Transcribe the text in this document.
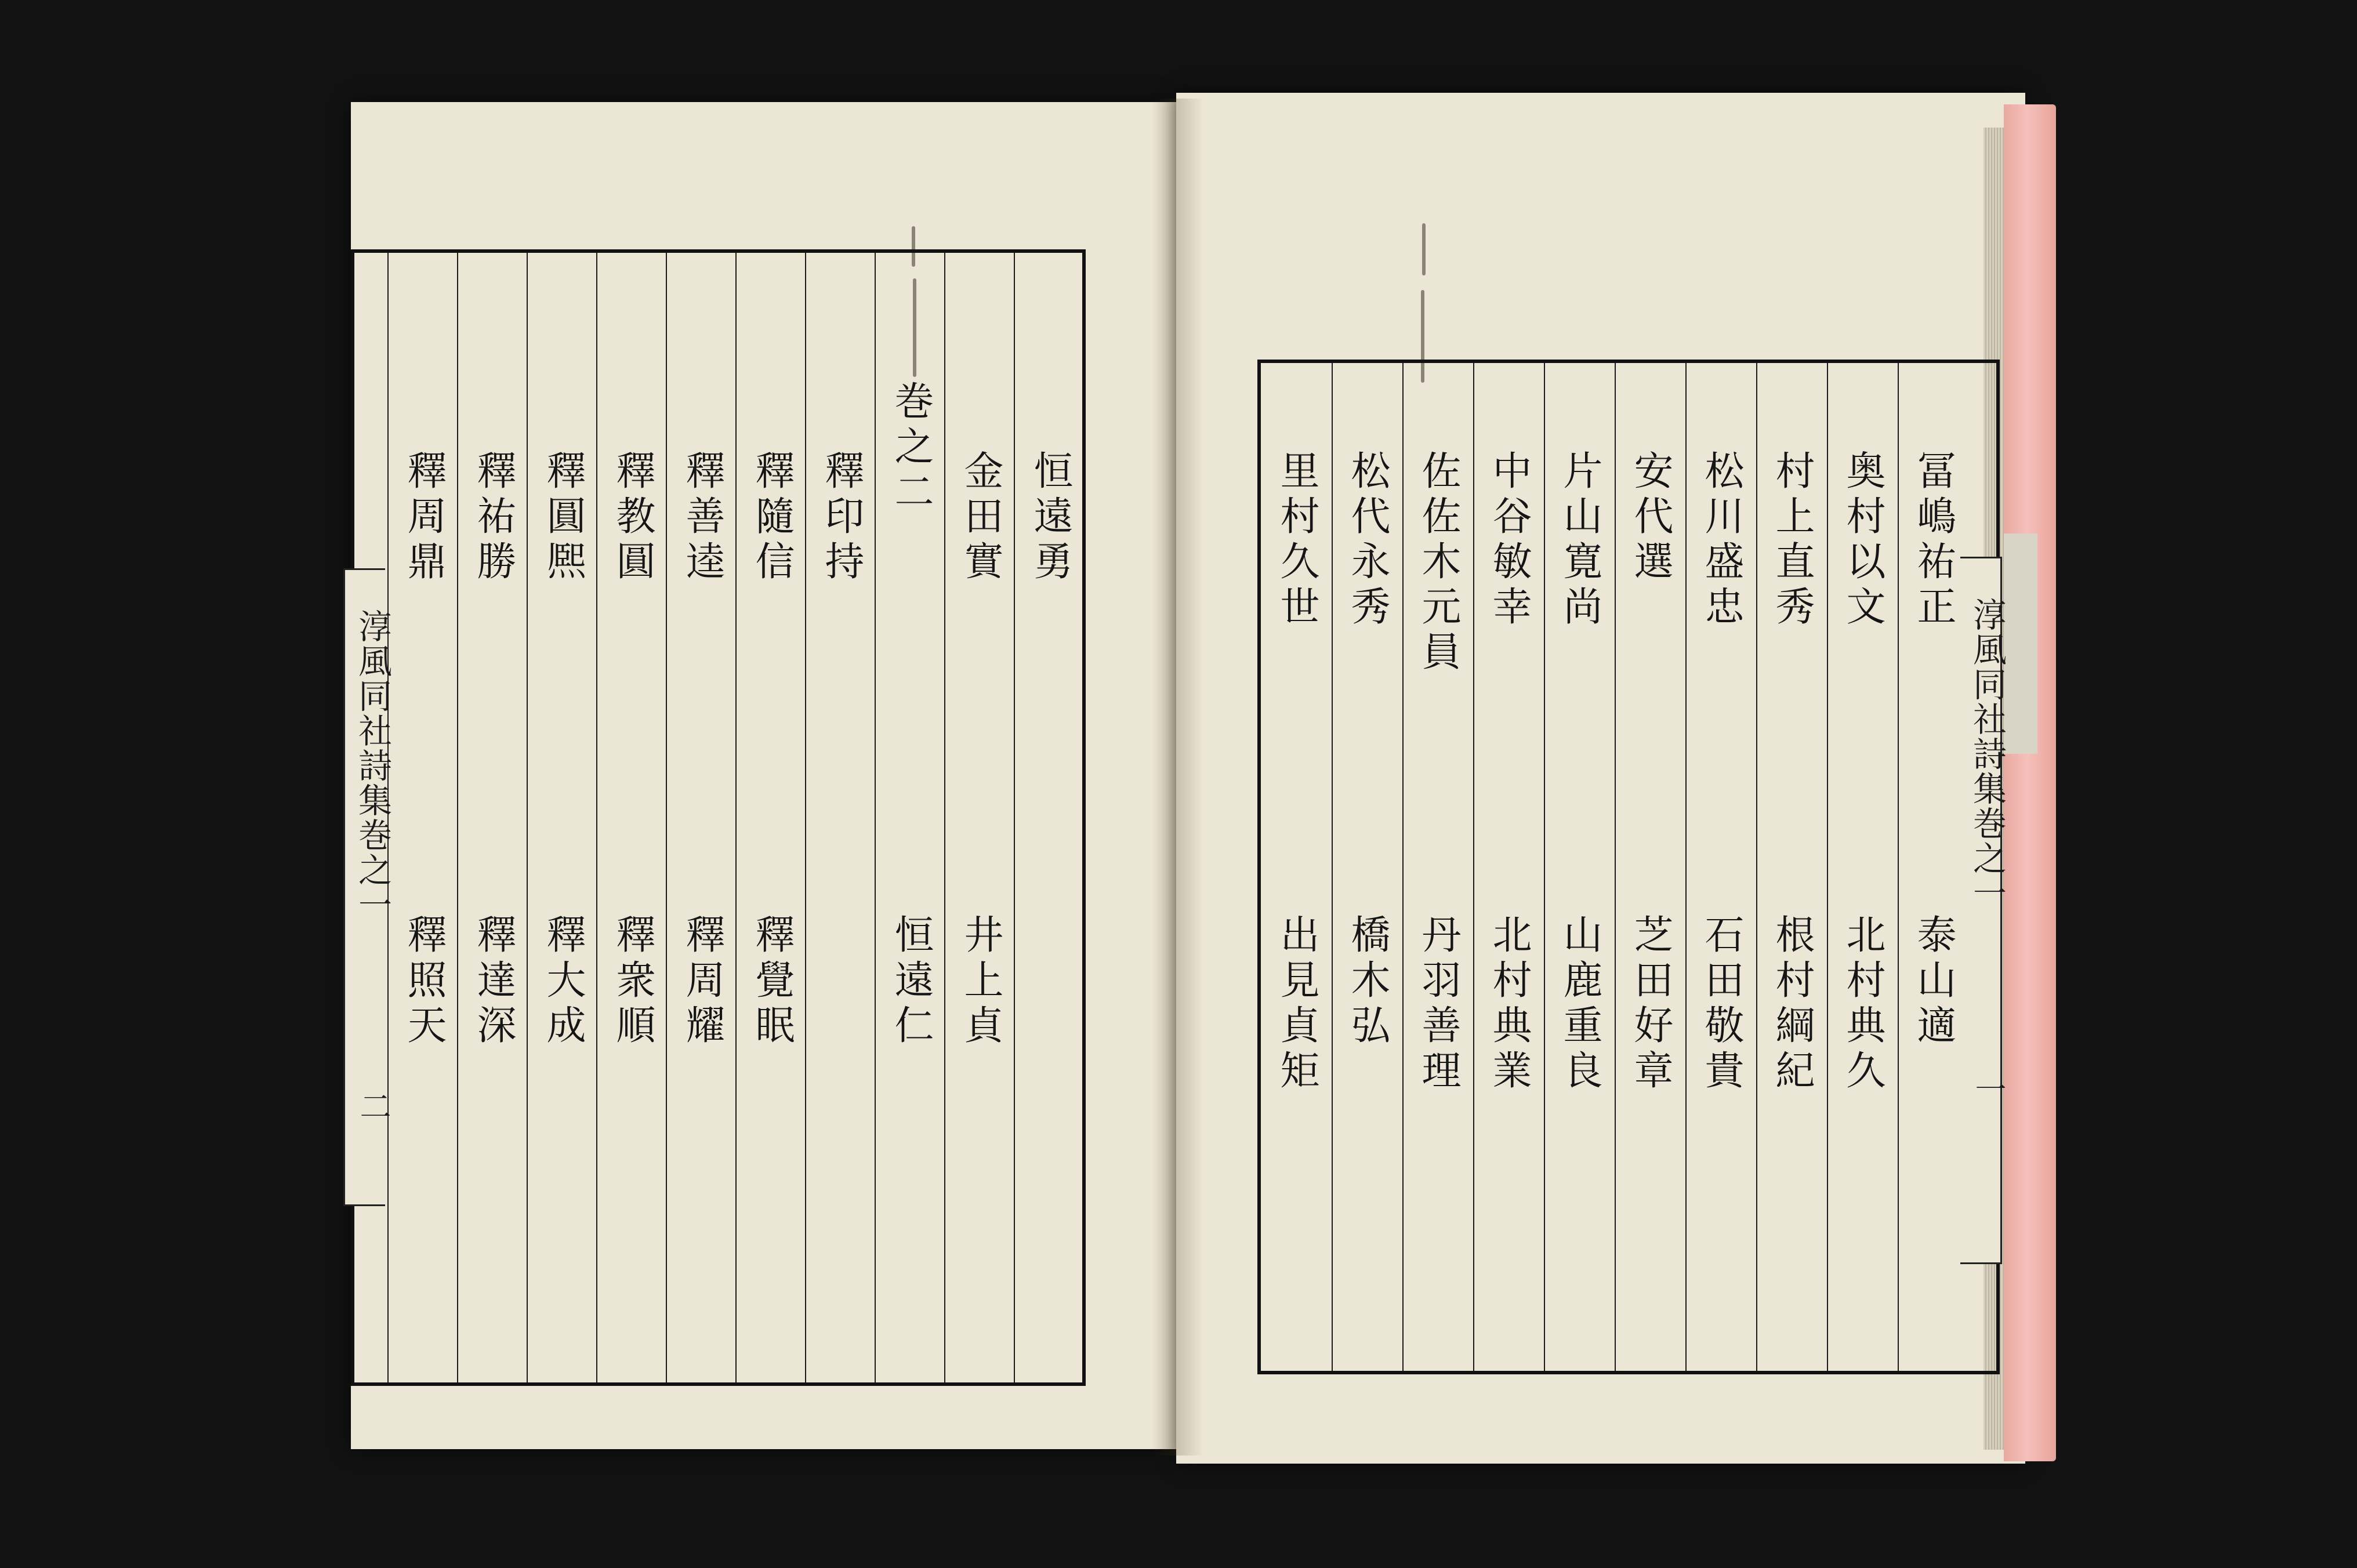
恒遠勇
金田實
井上貞
巻之二
恒遠仁
釋印持
釋隨信
釋覺眠
釋善逵
釋周耀
釋教圓
釋衆順
釋圓熈
釋大成
釋祐勝
釋達深
釋周鼎
釋照天
淳風同社詩集巻之一
二
冨嶋祐正
泰山適
奥村以文
北村典久
村上直秀
根村綱紀
松川盛忠
石田敬貴
安代選
芝田好章
片山寛尚
山鹿重良
中谷敏幸
北村典業
佐佐木元員
丹羽善理
松代永秀
橋木弘
里村久世
出見貞矩
淳風同社詩集巻之一
一
